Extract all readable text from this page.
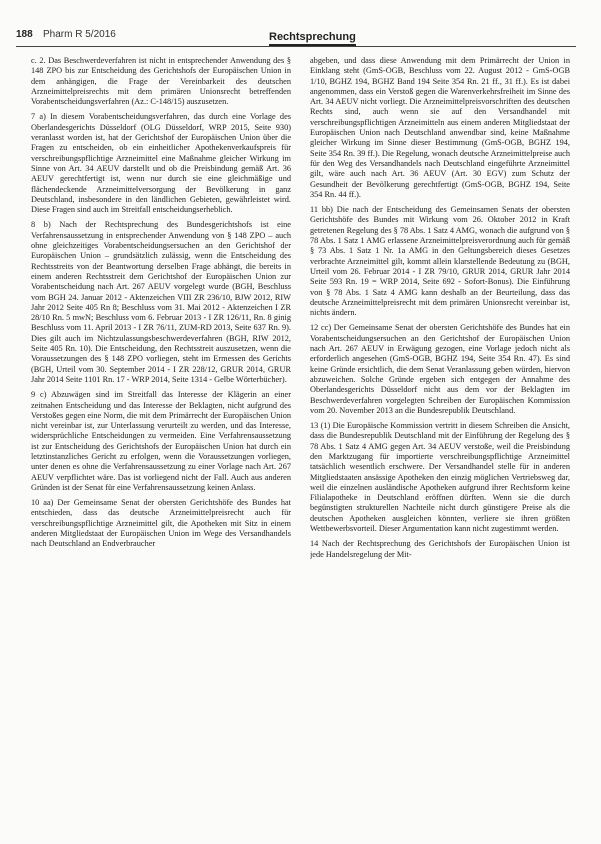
188 Pharm R 5/2016	Rechtsprechung

c. 2. Das Beschwerdeverfahren ist nicht in entsprechender Anwendung des § 148 ZPO bis zur Entscheidung des Gerichtshofs der Europäischen Union in dem anhängigen, die Frage der Vereinbarkeit des deutschen Arzneimittelpreisrechts mit dem primären Unionsrecht betreffenden Vorabentscheidungsverfahren (Az.: C-148/15) auszusetzen.

7 a) In diesem Vorabentscheidungsverfahren, das durch eine Vorlage des Oberlandesgerichts Düsseldorf (OLG Düsseldorf, WRP 2015, Seite 930) veranlasst worden ist, hat der Gerichtshof der Europäischen Union über die Fragen zu entscheiden, ob ein einheitlicher Apothekenverkaufspreis für verschreibungspflichtige Arzneimittel eine Maßnahme gleicher Wirkung im Sinne von Art. 34 AEUV darstellt und ob die Preisbindung gemäß Art. 36 AEUV gerechtfertigt ist, wenn nur durch sie eine gleichmäßige und flächendeckende Arzneimittelversorgung der Bevölkerung in ganz Deutschland, insbesondere in den ländlichen Gebieten, gewährleistet wird. Diese Fragen sind auch im Streitfall entscheidungserheblich.

8 b) Nach der Rechtsprechung des Bundesgerichtshofs ist eine Verfahrensaussetzung in entsprechender Anwendung von § 148 ZPO – auch ohne gleichzeitiges Vorabentscheidungsersuchen an den Gerichtshof der Europäischen Union – grundsätzlich zulässig, wenn die Entscheidung des Rechtsstreits von der Beantwortung derselben Frage abhängt, die bereits in einem anderen Rechtsstreit dem Gerichtshof der Europäischen Union zur Vorabentscheidung nach Art. 267 AEUV vorgelegt wurde (BGH, Beschluss vom BGH 24. Januar 2012 - Aktenzeichen VIII ZR 236/10, BJW 2012, RIW Jahr 2012 Seite 405 Rn 8; Beschluss vom 31. Mai 2012 - Aktenzeichen I ZR 28/10 Rn. 5 mwN; Beschluss vom 6. Februar 2013 - I ZR 126/11, Rn. 8 ginig Beschluss vom 11. April 2013 - I ZR 76/11, ZUM-RD 2013, Seite 637 Rn. 9). Dies gilt auch im Nichtzulassungsbeschwerdeverfahren (BGH, RIW 2012, Seite 405 Rn. 10). Die Entscheidung, den Rechtsstreit auszusetzen, wenn die Voraussetzungen des § 148 ZPO vorliegen, steht im Ermessen des Gerichts (BGH, Urteil vom 30. September 2014 - I ZR 228/12, GRUR 2014, GRUR Jahr 2014 Seite 1101 Rn. 17 - WRP 2014, Seite 1314 - Gelbe Wörterbücher).

9 c) Abzuwägen sind im Streitfall das Interesse der Klägerin an einer zeitnahen Entscheidung und das Interesse der Beklagten, nicht aufgrund des Verstoßes gegen eine Norm, die mit dem Primärrecht der Europäischen Union nicht vereinbar ist, zur Unterlassung verurteilt zu werden, und das Interesse, widersprüchliche Entscheidungen zu vermeiden. Eine Verfahrensaussetzung ist zur Entscheidung des Gerichtshofs der Europäischen Union hat durch ein letztinstanzliches Gericht zu erfolgen, wenn die Voraussetzungen vorliegen, unter denen es ohne die Verfahrensaussetzung zu einer Vorlage nach Art. 267 AEUV verpflichtet wäre. Das ist vorliegend nicht der Fall. Auch aus anderen Gründen ist der Senat für eine Verfahrensaussetzung keinen Anlass.

10 aa) Der Gemeinsame Senat der obersten Gerichtshöfe des Bundes hat entschieden, dass das deutsche Arzneimittelpreisrecht auch für verschreibungspflichtige Arzneimittel gilt, die Apotheken mit Sitz in einem anderen Mitgliedstaat der Europäischen Union im Wege des Versandhandels nach Deutschland an Endverbraucher

abgeben, und dass diese Anwendung mit dem Primärrecht der Union in Einklang steht (GmS-OGB, Beschluss vom 22. August 2012 - GmS-OGB 1/10, BGHZ 194, BGHZ Band 194 Seite 354 Rn. 21 ff., 31 ff.). Es ist dabei angenommen, dass ein Verstoß gegen die Warenverkehrsfreiheit im Sinne des Art. 34 AEUV nicht vorliegt. Die Arzneimittelpreisvorschriften des deutschen Rechts sind, auch wenn sie auf den Versandhandel mit verschreibungspflichtigen Arzneimitteln aus einem anderen Mitgliedstaat der Europäischen Union nach Deutschland anwendbar sind, keine Maßnahme gleicher Wirkung im Sinne dieser Bestimmung (GmS-OGB, BGHZ 194, Seite 354 Rn. 39 ff.). Die Regelung, wonach deutsche Arzneimittelpreise auch für den Weg des Versandhandels nach Deutschland eingeführte Arzneimittel gilt, wäre auch nach Art. 36 AEUV (Art. 30 EGV) zum Schutz der Gesundheit der Bevölkerung gerechtfertigt (GmS-OGB, BGHZ 194, Seite 354 Rn. 44 ff.).

11 bb) Die nach der Entscheidung des Gemeinsamen Senats der obersten Gerichtshöfe des Bundes mit Wirkung vom 26. Oktober 2012 in Kraft getretenen Regelung des § 78 Abs. 1 Satz 4 AMG, wonach die aufgrund von § 78 Abs. 1 Satz 1 AMG erlassene Arzneimittelpreisverordnung auch für gemäß § 73 Abs. 1 Satz 1 Nr. 1a AMG in den Geltungsbereich dieses Gesetzes verbrachte Arzneimittel gilt, kommt allein klarstellende Bedeutung zu (BGH, Urteil vom 26. Februar 2014 - I ZR 79/10, GRUR 2014, GRUR Jahr 2014 Seite 593 Rn. 19 = WRP 2014, Seite 692 - Sofort-Bonus). Die Einführung von § 78 Abs. 1 Satz 4 AMG kann deshalb an der Beurteilung, dass das deutsche Arzneimittelpreisrecht mit dem primären Unionsrecht vereinbar ist, nichts ändern.

12 cc) Der Gemeinsame Senat der obersten Gerichtshöfe des Bundes hat ein Vorabentscheidungsersuchen an den Gerichtshof der Europäischen Union nach Art. 267 AEUV in Erwägung gezogen, eine Vorlage jedoch nicht als erforderlich angesehen (GmS-OGB, BGHZ 194, Seite 354 Rn. 47). Es sind keine Gründe ersichtlich, die dem Senat Veranlassung geben würden, hiervon abzuweichen. Solche Gründe ergeben sich entgegen der Annahme des Oberlandesgerichts Düsseldorf nicht aus dem vor der Beklagten im Beschwerdeverfahren vorgelegten Schreiben der Europäischen Kommission vom 20. November 2013 an die Bundesrepublik Deutschland.

13 (1) Die Europäische Kommission vertritt in diesem Schreiben die Ansicht, dass die Bundesrepublik Deutschland mit der Einführung der Regelung des § 78 Abs. 1 Satz 4 AMG gegen Art. 34 AEUV verstoße, weil die Preisbindung den Marktzugang für importierte verschreibungspflichtige Arzneimittel tatsächlich wesentlich erschwere. Der Versandhandel stelle für in anderen Mitgliedstaaten ansässige Apotheken den einzig möglichen Vertriebsweg dar, weil die einzelnen ausländische Apotheken aufgrund ihrer Rechtsform keine Filialapotheke in Deutschland eröffnen dürften. Wenn sie die durch begünstigten strukturellen Nachteile nicht durch günstigere Preise als die deutschen Apotheken ausgleichen könnten, verliere sie ihren größten Wettbewerbsvorteil. Dieser Argumentation kann nicht zugestimmt werden.

14 Nach der Rechtsprechung des Gerichtshofs der Europäischen Union ist jede Handelsregelung der Mit-
